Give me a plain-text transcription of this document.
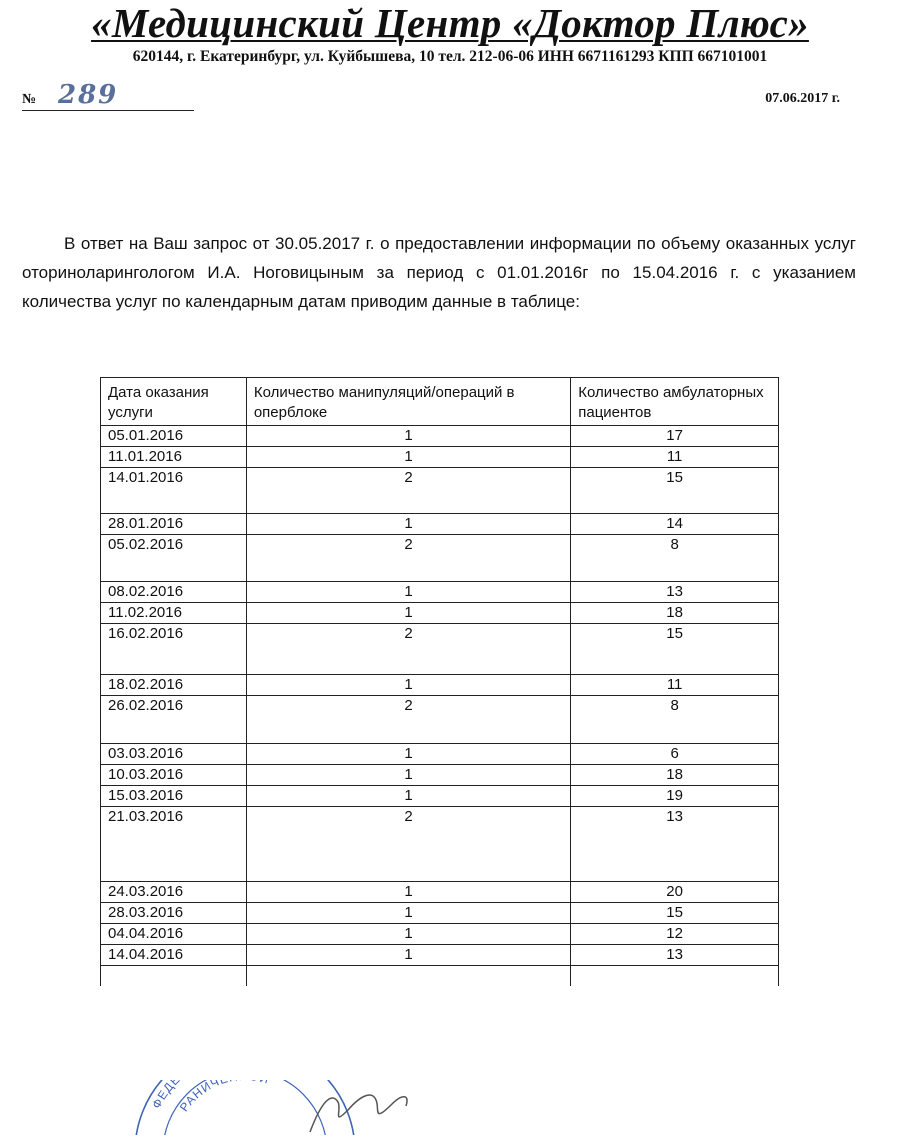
«Медицинский Центр «Доктор Плюс»
620144, г. Екатеринбург, ул. Куйбышева, 10 тел. 212-06-06 ИНН 6671161293 КПП 667101001
№ 289	07.06.2017 г.

В ответ на Ваш запрос от 30.05.2017 г. о предоставлении информации по объему оказанных услуг оториноларингологом И.А. Ноговицыным за период с 01.01.2016г по 15.04.2016 г. с указанием количества услуг по календарным датам приводим данные в таблице:

Дата оказания услуги	Количество манипуляций/операций в оперблоке	Количество амбулаторных пациентов
05.01.2016	1	17
11.01.2016	1	11
14.01.2016	2	15
28.01.2016	1	14
05.02.2016	2	8
08.02.2016	1	13
11.02.2016	1	18
16.02.2016	2	15
18.02.2016	1	11
26.02.2016	2	8
03.03.2016	1	6
10.03.2016	1	18
15.03.2016	1	19
21.03.2016	2	13
24.03.2016	1	20
28.03.2016	1	15
04.04.2016	1	12
14.04.2016	1	13

ФЕД
РАНИЧ
